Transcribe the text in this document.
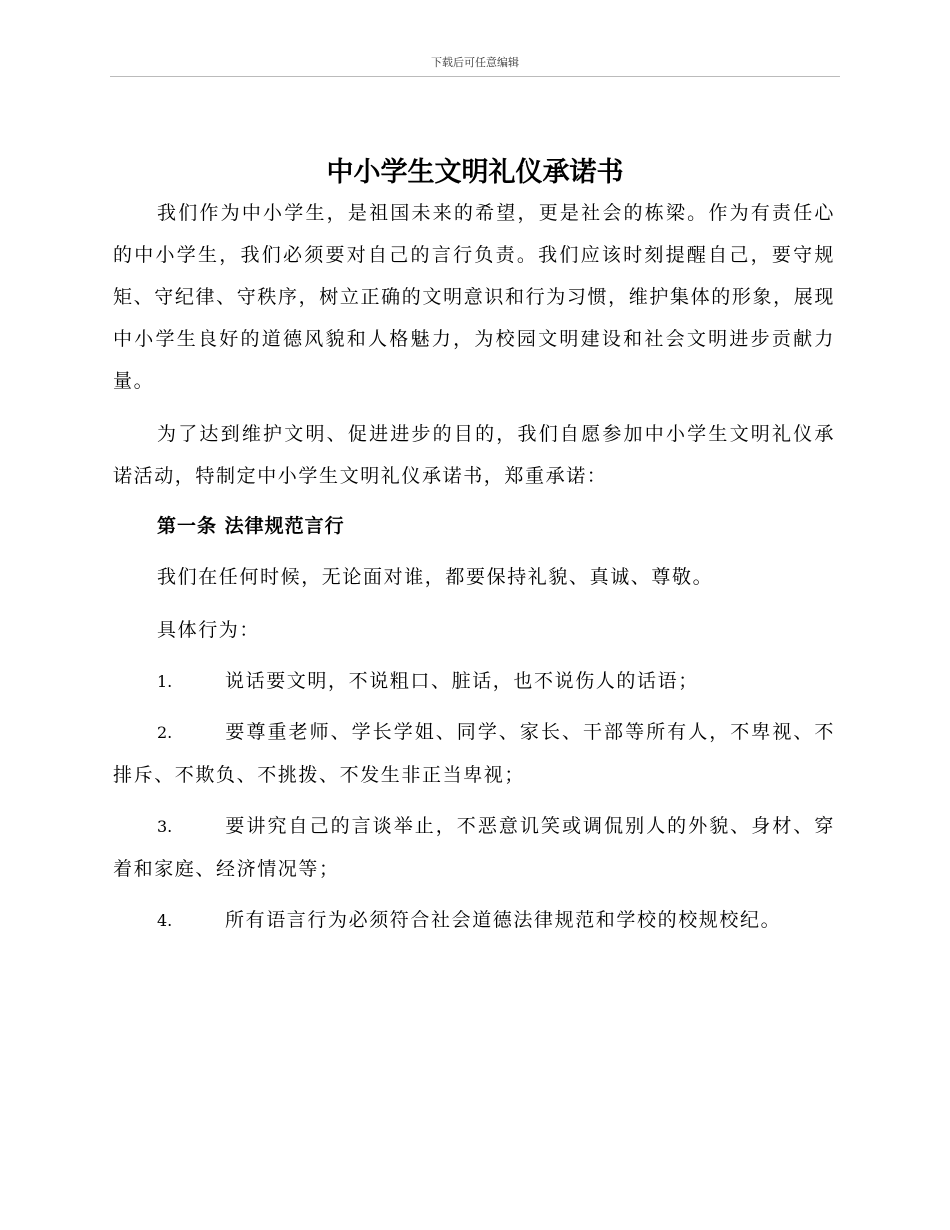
下载后可任意编辑
中小学生文明礼仪承诺书

我们作为中小学生，是祖国未来的希望，更是社会的栋梁。作为有责任心的中小学生，我们必须要对自己的言行负责。我们应该时刻提醒自己，要守规矩、守纪律、守秩序，树立正确的文明意识和行为习惯，维护集体的形象，展现中小学生良好的道德风貌和人格魅力，为校园文明建设和社会文明进步贡献力量。

为了达到维护文明、促进进步的目的，我们自愿参加中小学生文明礼仪承诺活动，特制定中小学生文明礼仪承诺书，郑重承诺：

第一条 法律规范言行

我们在任何时候，无论面对谁，都要保持礼貌、真诚、尊敬。

具体行为：

1.	说话要文明，不说粗口、脏话，也不说伤人的话语；

2.	要尊重老师、学长学姐、同学、家长、干部等所有人，不卑视、不排斥、不欺负、不挑拨、不发生非正当卑视；

3.	要讲究自己的言谈举止，不恶意讥笑或调侃别人的外貌、身材、穿着和家庭、经济情况等；

4.	所有语言行为必须符合社会道德法律规范和学校的校规校纪。
